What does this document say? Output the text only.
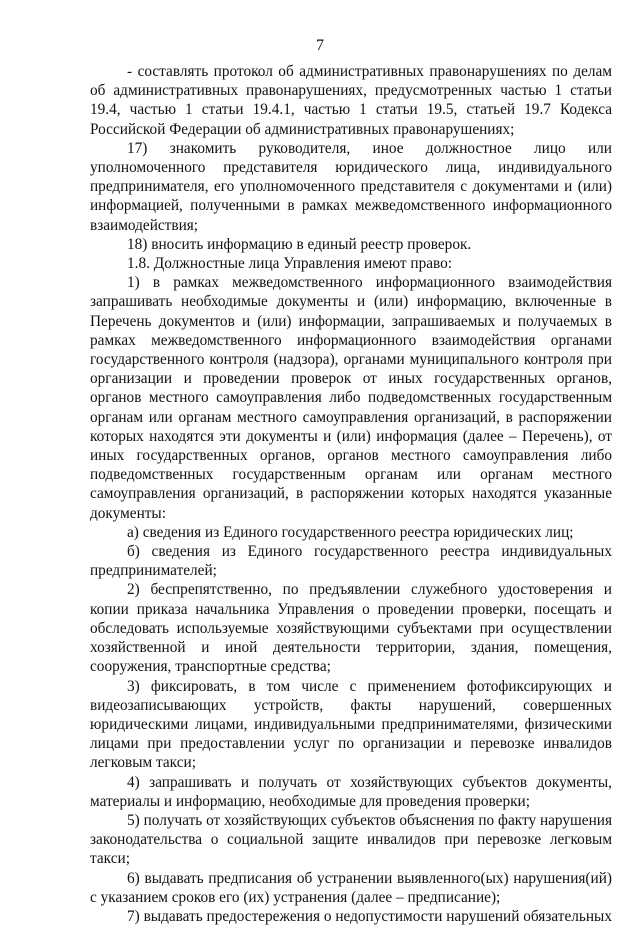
7

- составлять протокол об административных правонарушениях по делам об административных правонарушениях, предусмотренных частью 1 статьи 19.4, частью 1 статьи 19.4.1, частью 1 статьи 19.5, статьей 19.7 Кодекса Российской Федерации об административных правонарушениях;

17) знакомить руководителя, иное должностное лицо или уполномоченного представителя юридического лица, индивидуального предпринимателя, его уполномоченного представителя с документами и (или) информацией, полученными в рамках межведомственного информационного взаимодействия;

18) вносить информацию в единый реестр проверок.

1.8. Должностные лица Управления имеют право:

1) в рамках межведомственного информационного взаимодействия запрашивать необходимые документы и (или) информацию, включенные в Перечень документов и (или) информации, запрашиваемых и получаемых в рамках межведомственного информационного взаимодействия органами государственного контроля (надзора), органами муниципального контроля при организации и проведении проверок от иных государственных органов, органов местного самоуправления либо подведомственных государственным органам или органам местного самоуправления организаций, в распоряжении которых находятся эти документы и (или) информация (далее – Перечень), от иных государственных органов, органов местного самоуправления либо подведомственных государственным органам или органам местного самоуправления организаций, в распоряжении которых находятся указанные документы:

а) сведения из Единого государственного реестра юридических лиц;

б) сведения из Единого государственного реестра индивидуальных предпринимателей;

2) беспрепятственно, по предъявлении служебного удостоверения и копии приказа начальника Управления о проведении проверки, посещать и обследовать используемые хозяйствующими субъектами при осуществлении хозяйственной и иной деятельности территории, здания, помещения, сооружения, транспортные средства;

3) фиксировать, в том числе с применением фотофиксирующих и видеозаписывающих устройств, факты нарушений, совершенных юридическими лицами, индивидуальными предпринимателями, физическими лицами при предоставлении услуг по организации и перевозке инвалидов легковым такси;

4) запрашивать и получать от хозяйствующих субъектов документы, материалы и информацию, необходимые для проведения проверки;

5) получать от хозяйствующих субъектов объяснения по факту нарушения законодательства о социальной защите инвалидов при перевозке легковым такси;

6) выдавать предписания об устранении выявленного(ых) нарушения(ий) с указанием сроков его (их) устранения (далее – предписание);

7) выдавать предостережения о недопустимости нарушений обязательных
